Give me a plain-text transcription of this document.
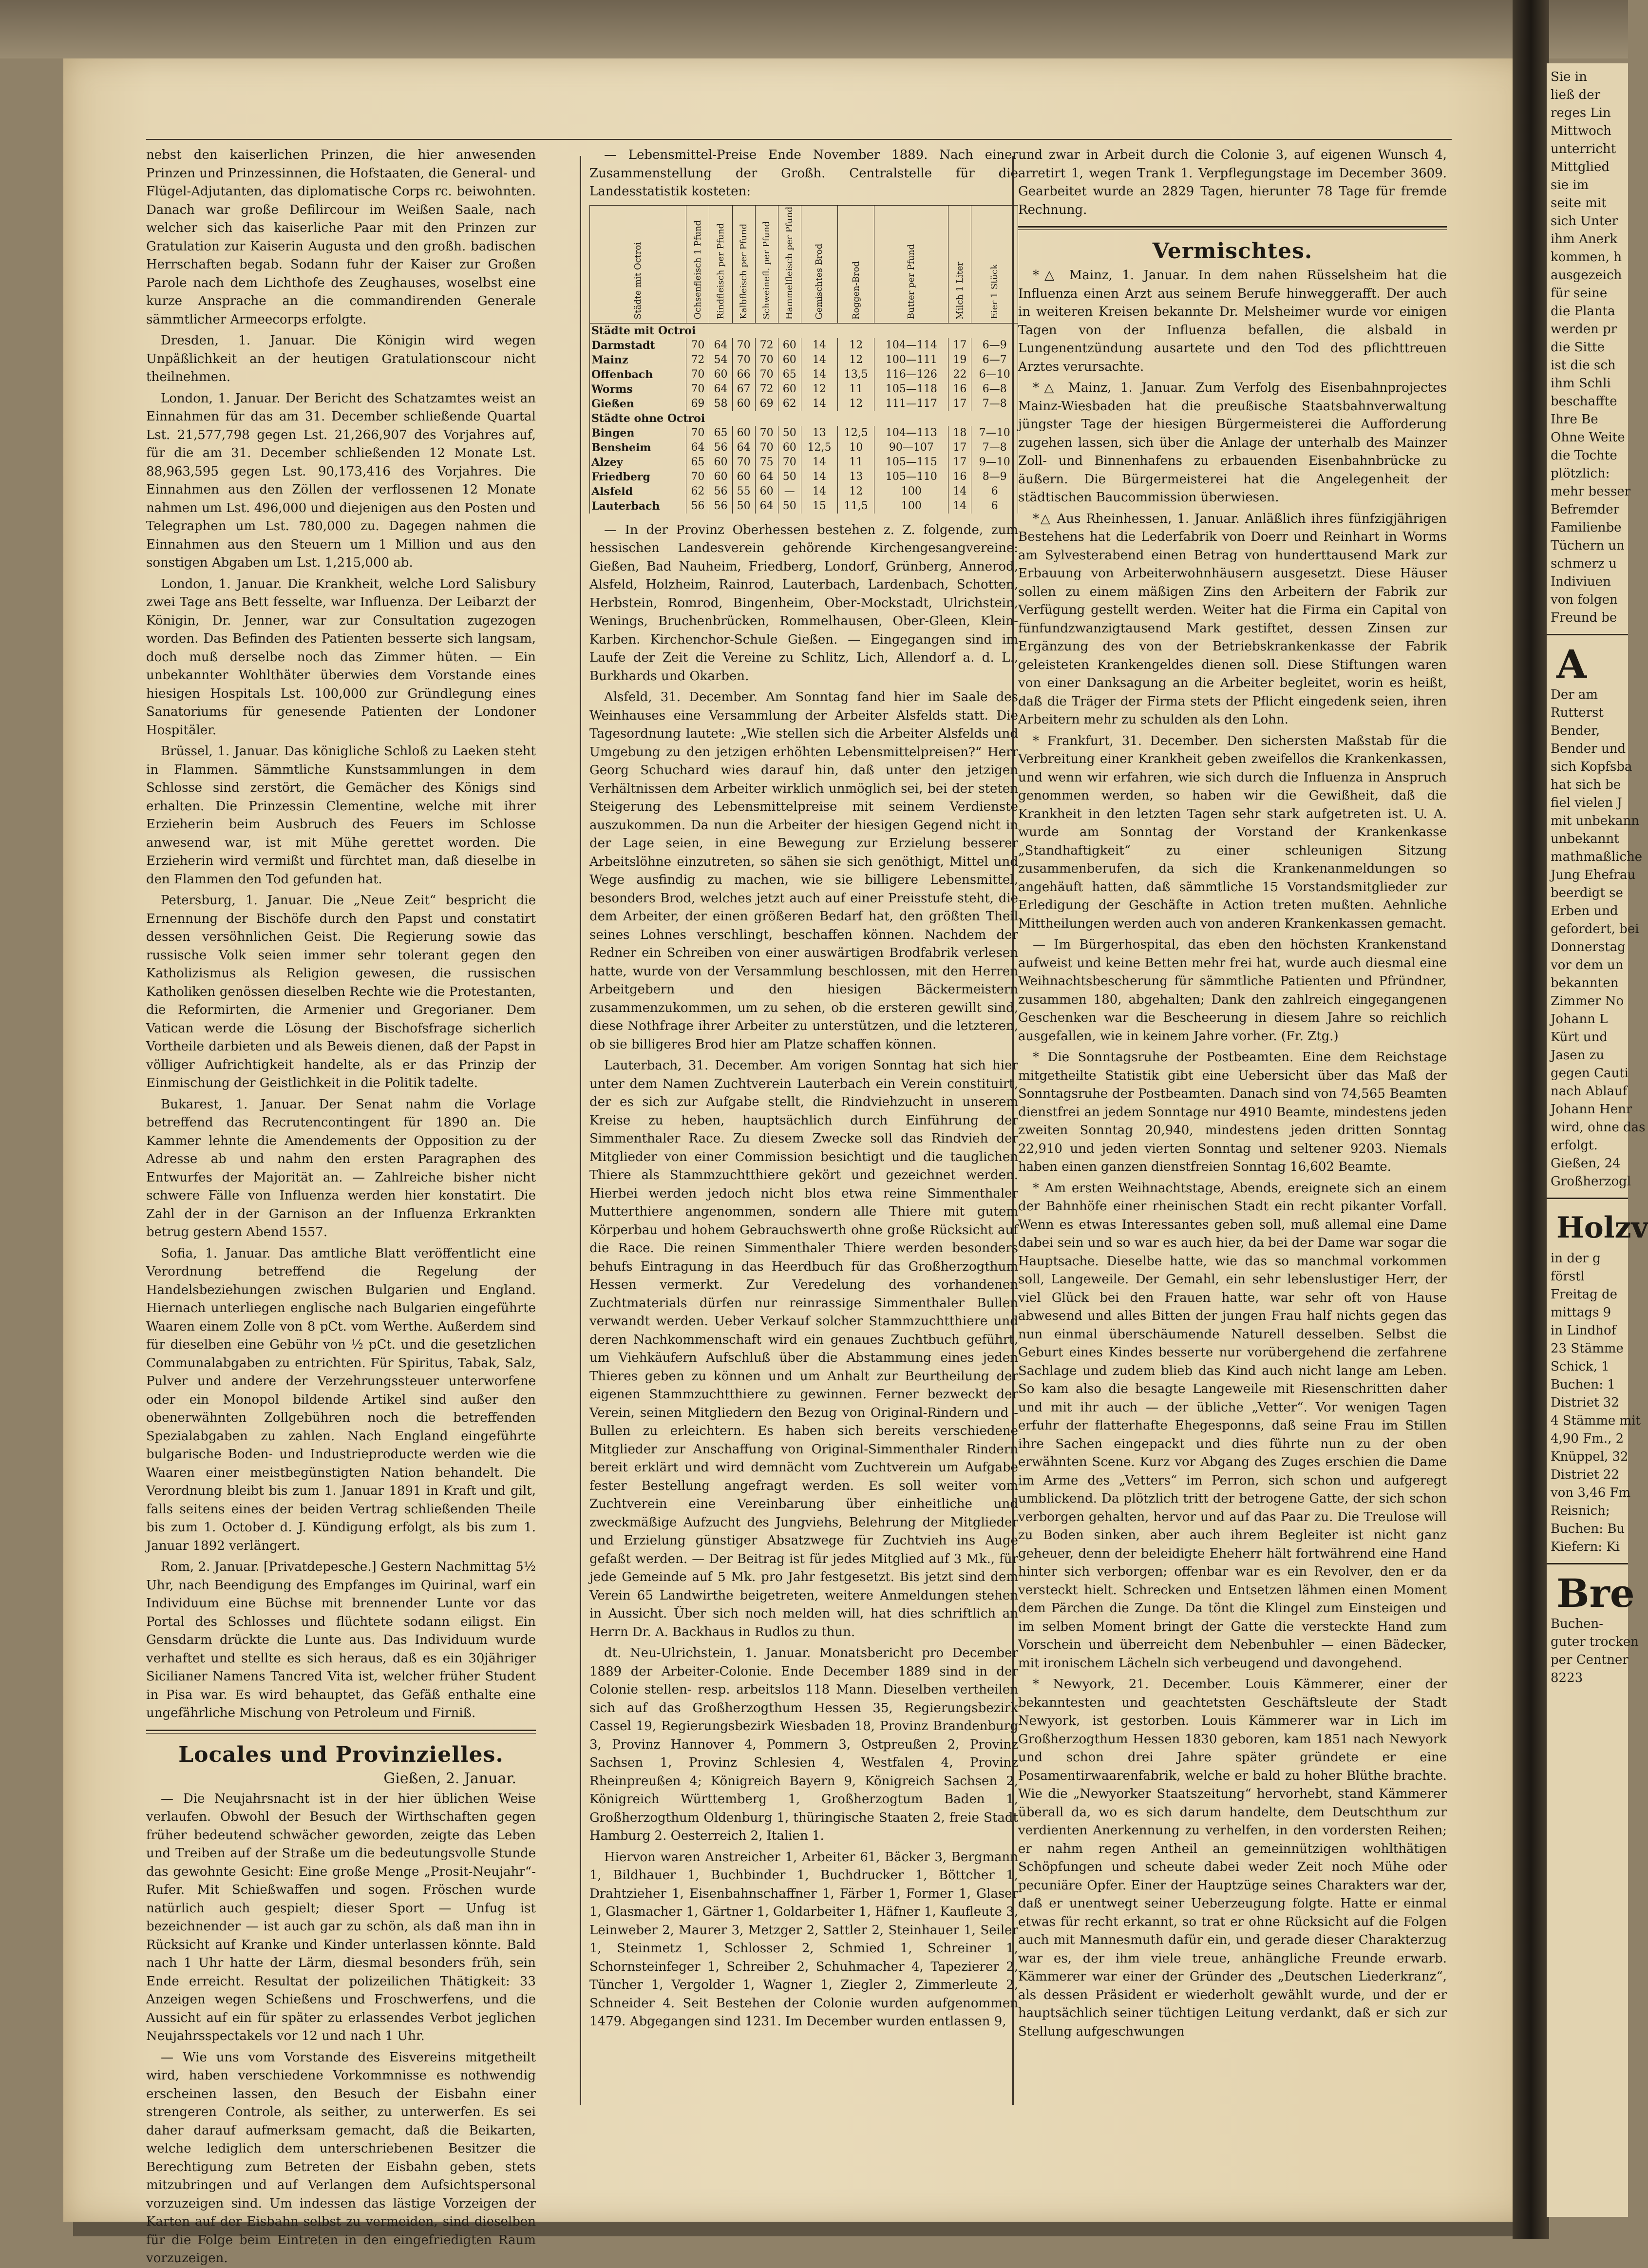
nebst den kaiserlichen Prinzen, die hier anwesenden Prinzen und Prinzessinnen, die Hofstaaten, die General- und Flügel-Adjutanten, das diplomatische Corps rc. beiwohnten. Danach war große Defilircour im Weißen Saale, nach welcher sich das kaiserliche Paar mit den Prinzen zur Gratulation zur Kaiserin Augusta und den großh. badischen Herrschaften begab. Sodann fuhr der Kaiser zur Großen Parole nach dem Lichthofe des Zeughauses, woselbst eine kurze Ansprache an die commandirenden Generale sämmtlicher Armeecorps erfolgte.

Dresden, 1. Januar. Die Königin wird wegen Unpäßlichkeit an der heutigen Gratulationscour nicht theilnehmen.

London, 1. Januar. Der Bericht des Schatzamtes weist an Einnahmen für das am 31. December schließende Quartal Lst. 21,577,798 gegen Lst. 21,266,907 des Vorjahres auf, für die am 31. December schließenden 12 Monate Lst. 88,963,595 gegen Lst. 90,173,416 des Vorjahres. Die Einnahmen aus den Zöllen der verflossenen 12 Monate nahmen um Lst. 496,000 und diejenigen aus den Posten und Telegraphen um Lst. 780,000 zu. Dagegen nahmen die Einnahmen aus den Steuern um 1 Million und aus den sonstigen Abgaben um Lst. 1,215,000 ab.

London, 1. Januar. Die Krankheit, welche Lord Salisbury zwei Tage ans Bett fesselte, war Influenza. Der Leibarzt der Königin, Dr. Jenner, war zur Consultation zugezogen worden. Das Befinden des Patienten besserte sich langsam, doch muß derselbe noch das Zimmer hüten. — Ein unbekannter Wohlthäter überwies dem Vorstande eines hiesigen Hospitals Lst. 100,000 zur Gründlegung eines Sanatoriums für genesende Patienten der Londoner Hospitäler.

Brüssel, 1. Januar. Das königliche Schloß zu Laeken steht in Flammen. Sämmtliche Kunstsammlungen in dem Schlosse sind zerstört, die Gemächer des Königs sind erhalten. Die Prinzessin Clementine, welche mit ihrer Erzieherin beim Ausbruch des Feuers im Schlosse anwesend war, ist mit Mühe gerettet worden. Die Erzieherin wird vermißt und fürchtet man, daß dieselbe in den Flammen den Tod gefunden hat.

Petersburg, 1. Januar. Die „Neue Zeit“ bespricht die Ernennung der Bischöfe durch den Papst und constatirt dessen versöhnlichen Geist. Die Regierung sowie das russische Volk seien immer sehr tolerant gegen den Katholizismus als Religion gewesen, die russischen Katholiken genössen dieselben Rechte wie die Protestanten, die Reformirten, die Armenier und Gregorianer. Dem Vatican werde die Lösung der Bischofsfrage sicherlich Vortheile darbieten und als Beweis dienen, daß der Papst in völliger Aufrichtigkeit handelte, als er das Prinzip der Einmischung der Geistlichkeit in die Politik tadelte.

Bukarest, 1. Januar. Der Senat nahm die Vorlage betreffend das Recrutencontingent für 1890 an. Die Kammer lehnte die Amendements der Opposition zu der Adresse ab und nahm den ersten Paragraphen des Entwurfes der Majorität an. — Zahlreiche bisher nicht schwere Fälle von Influenza werden hier konstatirt. Die Zahl der in der Garnison an der Influenza Erkrankten betrug gestern Abend 1557.

Sofia, 1. Januar. Das amtliche Blatt veröffentlicht eine Verordnung betreffend die Regelung der Handelsbeziehungen zwischen Bulgarien und England. Hiernach unterliegen englische nach Bulgarien eingeführte Waaren einem Zolle von 8 pCt. vom Werthe. Außerdem sind für dieselben eine Gebühr von ½ pCt. und die gesetzlichen Communalabgaben zu entrichten. Für Spiritus, Tabak, Salz, Pulver und andere der Verzehrungssteuer unterworfene oder ein Monopol bildende Artikel sind außer den obenerwähnten Zollgebühren noch die betreffenden Spezialabgaben zu zahlen. Nach England eingeführte bulgarische Boden- und Industrieproducte werden wie die Waaren einer meistbegünstigten Nation behandelt. Die Verordnung bleibt bis zum 1. Januar 1891 in Kraft und gilt, falls seitens eines der beiden Vertrag schließenden Theile bis zum 1. October d. J. Kündigung erfolgt, als bis zum 1. Januar 1892 verlängert.

Rom, 2. Januar. [Privatdepesche.] Gestern Nachmittag 5½ Uhr, nach Beendigung des Empfanges im Quirinal, warf ein Individuum eine Büchse mit brennender Lunte vor das Portal des Schlosses und flüchtete sodann eiligst. Ein Gensdarm drückte die Lunte aus. Das Individuum wurde verhaftet und stellte es sich heraus, daß es ein 30jähriger Sicilianer Namens Tancred Vita ist, welcher früher Student in Pisa war. Es wird behauptet, das Gefäß enthalte eine ungefährliche Mischung von Petroleum und Firniß.

Locales und Provinzielles.
Gießen, 2. Januar.

— Die Neujahrsnacht ist in der hier üblichen Weise verlaufen. Obwohl der Besuch der Wirthschaften gegen früher bedeutend schwächer geworden, zeigte das Leben und Treiben auf der Straße um die bedeutungsvolle Stunde das gewohnte Gesicht: Eine große Menge „Prosit-Neujahr“-Rufer. Mit Schießwaffen und sogen. Fröschen wurde natürlich auch gespielt; dieser Sport — Unfug ist bezeichnender — ist auch gar zu schön, als daß man ihn in Rücksicht auf Kranke und Kinder unterlassen könnte. Bald nach 1 Uhr hatte der Lärm, diesmal besonders früh, sein Ende erreicht. Resultat der polizeilichen Thätigkeit: 33 Anzeigen wegen Schießens und Froschwerfens, und die Aussicht auf ein für später zu erlassendes Verbot jeglichen Neujahrsspectakels vor 12 und nach 1 Uhr.

— Wie uns vom Vorstande des Eisvereins mitgetheilt wird, haben verschiedene Vorkommnisse es nothwendig erscheinen lassen, den Besuch der Eisbahn einer strengeren Controle, als seither, zu unterwerfen. Es sei daher darauf aufmerksam gemacht, daß die Beikarten, welche lediglich dem unterschriebenen Besitzer die Berechtigung zum Betreten der Eisbahn geben, stets mitzubringen und auf Verlangen dem Aufsichtspersonal vorzuzeigen sind. Um indessen das lästige Vorzeigen der Karten auf der Eisbahn selbst zu vermeiden, sind dieselben für die Folge beim Eintreten in den eingefriedigten Raum vorzuzeigen.

— Lebensmittel-Preise Ende November 1889. Nach einer Zusammenstellung der Großh. Centralstelle für die Landesstatistik kosteten:

Städte mit Octroi	Ochsenfleisch 1 Pfund	Rindfleisch per Pfund	Kalbfleisch per Pfund	Schweinefl. per Pfund	Hammelfleisch per Pfund	Gemischtes Brod	Roggen-Brod	Butter per Pfund	Milch 1 Liter	Eier 1 Stück
Städte mit Octroi										
Darmstadt	70	64	70	72	60	14	12	104—114	17	6—9
Mainz	72	54	70	70	60	14	12	100—111	19	6—7
Offenbach	70	60	66	70	65	14	13,5	116—126	22	6—10
Worms	70	64	67	72	60	12	11	105—118	16	6—8
Gießen	69	58	60	69	62	14	12	111—117	17	7—8
Städte ohne Octroi										
Bingen	70	65	60	70	50	13	12,5	104—113	18	7—10
Bensheim	64	56	64	70	60	12,5	10	90—107	17	7—8
Alzey	65	60	70	75	70	14	11	105—115	17	9—10
Friedberg	70	60	60	64	50	14	13	105—110	16	8—9
Alsfeld	62	56	55	60	—	14	12	100	14	6
Lauterbach	56	56	50	64	50	15	11,5	100	14	6

— In der Provinz Oberhessen bestehen z. Z. folgende, zum hessischen Landesverein gehörende Kirchengesangvereine: Gießen, Bad Nauheim, Friedberg, Londorf, Grünberg, Annerod, Alsfeld, Holzheim, Rainrod, Lauterbach, Lardenbach, Schotten, Herbstein, Romrod, Bingenheim, Ober-Mockstadt, Ulrichstein, Wenings, Bruchenbrücken, Rommelhausen, Ober-Gleen, Klein-Karben. Kirchenchor-Schule Gießen. — Eingegangen sind im Laufe der Zeit die Vereine zu Schlitz, Lich, Allendorf a. d. L., Burkhards und Okarben.

Alsfeld, 31. December. Am Sonntag fand hier im Saale des Weinhauses eine Versammlung der Arbeiter Alsfelds statt. Die Tagesordnung lautete: „Wie stellen sich die Arbeiter Alsfelds und Umgebung zu den jetzigen erhöhten Lebensmittelpreisen?“ Herr Georg Schuchard wies darauf hin, daß unter den jetzigen Verhältnissen dem Arbeiter wirklich unmöglich sei, bei der steten Steigerung des Lebensmittelpreise mit seinem Verdienste auszukommen. Da nun die Arbeiter der hiesigen Gegend nicht in der Lage seien, in eine Bewegung zur Erzielung besserer Arbeitslöhne einzutreten, so sähen sie sich genöthigt, Mittel und Wege ausfindig zu machen, wie sie billigere Lebensmittel, besonders Brod, welches jetzt auch auf einer Preisstufe steht, die dem Arbeiter, der einen größeren Bedarf hat, den größten Theil seines Lohnes verschlingt, beschaffen können. Nachdem der Redner ein Schreiben von einer auswärtigen Brodfabrik verlesen hatte, wurde von der Versammlung beschlossen, mit den Herren Arbeitgebern und den hiesigen Bäckermeistern zusammenzukommen, um zu sehen, ob die ersteren gewillt sind, diese Nothfrage ihrer Arbeiter zu unterstützen, und die letzteren, ob sie billigeres Brod hier am Platze schaffen können.

Lauterbach, 31. December. Am vorigen Sonntag hat sich hier unter dem Namen Zuchtverein Lauterbach ein Verein constituirt, der es sich zur Aufgabe stellt, die Rindviehzucht in unserem Kreise zu heben, hauptsächlich durch Einführung der Simmenthaler Race. Zu diesem Zwecke soll das Rindvieh der Mitglieder von einer Commission besichtigt und die tauglichen Thiere als Stammzuchtthiere gekört und gezeichnet werden. Hierbei werden jedoch nicht blos etwa reine Simmenthaler Mutterthiere angenommen, sondern alle Thiere mit gutem Körperbau und hohem Gebrauchswerth ohne große Rücksicht auf die Race. Die reinen Simmenthaler Thiere werden besonders behufs Eintragung in das Heerdbuch für das Großherzogthum Hessen vermerkt. Zur Veredelung des vorhandenen Zuchtmaterials dürfen nur reinrassige Simmenthaler Bullen verwandt werden. Ueber Verkauf solcher Stammzuchtthiere und deren Nachkommenschaft wird ein genaues Zuchtbuch geführt, um Viehkäufern Aufschluß über die Abstammung eines jeden Thieres geben zu können und um Anhalt zur Beurtheilung der eigenen Stammzuchtthiere zu gewinnen. Ferner bezweckt der Verein, seinen Mitgliedern den Bezug von Original-Rindern und -Bullen zu erleichtern. Es haben sich bereits verschiedene Mitglieder zur Anschaffung von Original-Simmenthaler Rindern bereit erklärt und wird demnächt vom Zuchtverein um Aufgabe fester Bestellung angefragt werden. Es soll weiter vom Zuchtverein eine Vereinbarung über einheitliche und zweckmäßige Aufzucht des Jungviehs, Belehrung der Mitglieder und Erzielung günstiger Absatzwege für Zuchtvieh ins Auge gefaßt werden. — Der Beitrag ist für jedes Mitglied auf 3 Mk., für jede Gemeinde auf 5 Mk. pro Jahr festgesetzt. Bis jetzt sind dem Verein 65 Landwirthe beigetreten, weitere Anmeldungen stehen in Aussicht. Über sich noch melden will, hat dies schriftlich an Herrn Dr. A. Backhaus in Rudlos zu thun.

dt. Neu-Ulrichstein, 1. Januar. Monatsbericht pro December 1889 der Arbeiter-Colonie. Ende December 1889 sind in der Colonie stellen- resp. arbeitslos 118 Mann. Dieselben vertheilen sich auf das Großherzogthum Hessen 35, Regierungsbezirk Cassel 19, Regierungsbezirk Wiesbaden 18, Provinz Brandenburg 3, Provinz Hannover 4, Pommern 3, Ostpreußen 2, Provinz Sachsen 1, Provinz Schlesien 4, Westfalen 4, Provinz Rheinpreußen 4; Königreich Bayern 9, Königreich Sachsen 2, Königreich Württemberg 1, Großherzogtum Baden 1, Großherzogthum Oldenburg 1, thüringische Staaten 2, freie Stadt Hamburg 2. Oesterreich 2, Italien 1.

Hiervon waren Anstreicher 1, Arbeiter 61, Bäcker 3, Bergmann 1, Bildhauer 1, Buchbinder 1, Buchdrucker 1, Böttcher 1, Drahtzieher 1, Eisenbahnschaffner 1, Färber 1, Former 1, Glaser 1, Glasmacher 1, Gärtner 1, Goldarbeiter 1, Häfner 1, Kaufleute 3, Leinweber 2, Maurer 3, Metzger 2, Sattler 2, Steinhauer 1, Seiler 1, Steinmetz 1, Schlosser 2, Schmied 1, Schreiner 1, Schornsteinfeger 1, Schreiber 2, Schuhmacher 4, Tapezierer 2, Tüncher 1, Vergolder 1, Wagner 1, Ziegler 2, Zimmerleute 2, Schneider 4. Seit Bestehen der Colonie wurden aufgenommen 1479. Abgegangen sind 1231. Im December wurden entlassen 9,

und zwar in Arbeit durch die Colonie 3, auf eigenen Wunsch 4, arretirt 1, wegen Trank 1. Verpflegungstage im December 3609. Gearbeitet wurde an 2829 Tagen, hierunter 78 Tage für fremde Rechnung.

Vermischtes.

*△ Mainz, 1. Januar. In dem nahen Rüsselsheim hat die Influenza einen Arzt aus seinem Berufe hinweggerafft. Der auch in weiteren Kreisen bekannte Dr. Melsheimer wurde vor einigen Tagen von der Influenza befallen, die alsbald in Lungenentzündung ausartete und den Tod des pflichttreuen Arztes verursachte.

*△ Mainz, 1. Januar. Zum Verfolg des Eisenbahnprojectes Mainz-Wiesbaden hat die preußische Staatsbahnverwaltung jüngster Tage der hiesigen Bürgermeisterei die Aufforderung zugehen lassen, sich über die Anlage der unterhalb des Mainzer Zoll- und Binnenhafens zu erbauenden Eisenbahnbrücke zu äußern. Die Bürgermeisterei hat die Angelegenheit der städtischen Baucommission überwiesen.

*△ Aus Rheinhessen, 1. Januar. Anläßlich ihres fünfzigjährigen Bestehens hat die Lederfabrik von Doerr und Reinhart in Worms am Sylvesterabend einen Betrag von hunderttausend Mark zur Erbauung von Arbeiterwohnhäusern ausgesetzt. Diese Häuser sollen zu einem mäßigen Zins den Arbeitern der Fabrik zur Verfügung gestellt werden. Weiter hat die Firma ein Capital von fünfundzwanzigtausend Mark gestiftet, dessen Zinsen zur Ergänzung des von der Betriebskrankenkasse der Fabrik geleisteten Krankengeldes dienen soll. Diese Stiftungen waren von einer Danksagung an die Arbeiter begleitet, worin es heißt, daß die Träger der Firma stets der Pflicht eingedenk seien, ihren Arbeitern mehr zu schulden als den Lohn.

* Frankfurt, 31. December. Den sichersten Maßstab für die Verbreitung einer Krankheit geben zweifellos die Krankenkassen, und wenn wir erfahren, wie sich durch die Influenza in Anspruch genommen werden, so haben wir die Gewißheit, daß die Krankheit in den letzten Tagen sehr stark aufgetreten ist. U. A. wurde am Sonntag der Vorstand der Krankenkasse „Standhaftigkeit“ zu einer schleunigen Sitzung zusammenberufen, da sich die Krankenanmeldungen so angehäuft hatten, daß sämmtliche 15 Vorstandsmitglieder zur Erledigung der Geschäfte in Action treten mußten. Aehnliche Mittheilungen werden auch von anderen Krankenkassen gemacht.

— Im Bürgerhospital, das eben den höchsten Krankenstand aufweist und keine Betten mehr frei hat, wurde auch diesmal eine Weihnachtsbescherung für sämmtliche Patienten und Pfründner, zusammen 180, abgehalten; Dank den zahlreich eingegangenen Geschenken war die Bescheerung in diesem Jahre so reichlich ausgefallen, wie in keinem Jahre vorher. (Fr. Ztg.)

* Die Sonntagsruhe der Postbeamten. Eine dem Reichstage mitgetheilte Statistik gibt eine Uebersicht über das Maß der Sonntagsruhe der Postbeamten. Danach sind von 74,565 Beamten dienstfrei an jedem Sonntage nur 4910 Beamte, mindestens jeden zweiten Sonntag 20,940, mindestens jeden dritten Sonntag 22,910 und jeden vierten Sonntag und seltener 9203. Niemals haben einen ganzen dienstfreien Sonntag 16,602 Beamte.

* Am ersten Weihnachtstage, Abends, ereignete sich an einem der Bahnhöfe einer rheinischen Stadt ein recht pikanter Vorfall. Wenn es etwas Interessantes geben soll, muß allemal eine Dame dabei sein und so war es auch hier, da bei der Dame war sogar die Hauptsache. Dieselbe hatte, wie das so manchmal vorkommen soll, Langeweile. Der Gemahl, ein sehr lebenslustiger Herr, der viel Glück bei den Frauen hatte, war sehr oft von Hause abwesend und alles Bitten der jungen Frau half nichts gegen das nun einmal überschäumende Naturell desselben. Selbst die Geburt eines Kindes besserte nur vorübergehend die zerfahrene Sachlage und zudem blieb das Kind auch nicht lange am Leben. So kam also die besagte Langeweile mit Riesenschritten daher und mit ihr auch — der übliche „Vetter“. Vor wenigen Tagen erfuhr der flatterhafte Ehegesponns, daß seine Frau im Stillen ihre Sachen eingepackt und dies führte nun zu der oben erwähnten Scene. Kurz vor Abgang des Zuges erschien die Dame im Arme des „Vetters“ im Perron, sich schon und aufgeregt umblickend. Da plötzlich tritt der betrogene Gatte, der sich schon verborgen gehalten, hervor und auf das Paar zu. Die Treulose will zu Boden sinken, aber auch ihrem Begleiter ist nicht ganz geheuer, denn der beleidigte Eheherr hält fortwährend eine Hand hinter sich verborgen; offenbar war es ein Revolver, den er da versteckt hielt. Schrecken und Entsetzen lähmen einen Moment dem Pärchen die Zunge. Da tönt die Klingel zum Einsteigen und im selben Moment bringt der Gatte die versteckte Hand zum Vorschein und überreicht dem Nebenbuhler — einen Bädecker, mit ironischem Lächeln sich verbeugend und davongehend.

* Newyork, 21. December. Louis Kämmerer, einer der bekanntesten und geachtetsten Geschäftsleute der Stadt Newyork, ist gestorben. Louis Kämmerer war in Lich im Großherzogthum Hessen 1830 geboren, kam 1851 nach Newyork und schon drei Jahre später gründete er eine Posamentirwaarenfabrik, welche er bald zu hoher Blüthe brachte. Wie die „Newyorker Staatszeitung“ hervorhebt, stand Kämmerer überall da, wo es sich darum handelte, dem Deutschthum zur verdienten Anerkennung zu verhelfen, in den vordersten Reihen; er nahm regen Antheil an gemeinnützigen wohlthätigen Schöpfungen und scheute dabei weder Zeit noch Mühe oder pecuniäre Opfer. Einer der Hauptzüge seines Charakters war der, daß er unentwegt seiner Ueberzeugung folgte. Hatte er einmal etwas für recht erkannt, so trat er ohne Rücksicht auf die Folgen auch mit Mannesmuth dafür ein, und gerade dieser Charakterzug war es, der ihm viele treue, anhängliche Freunde erwarb. Kämmerer war einer der Gründer des „Deutschen Liederkranz“, als dessen Präsident er wiederholt gewählt wurde, und der er hauptsächlich seiner tüchtigen Leitung verdankt, daß er sich zur Stellung aufgeschwungen

Sie in
ließ der
reges Lin
Mittwoch
unterricht
Mittglied
sie im
seite mit
sich Unter
ihm Anerk
kommen, h
ausgezeich
für seine
die Planta
werden pr
die Sitte
ist die sch
ihm Schli
beschaffte
Ihre Be
Ohne Weite
die Tochte
plötzlich:
mehr besser
Befremder
Familienbe
Tüchern un
schmerz u
Indiviuen
von folgen
Freund be
A
Der am
Rutterst
Bender,
Bender und
sich Kopfsba
hat sich be
fiel vielen J
mit unbekann
unbekannt
mathmaßliche
Jung Ehefrau
beerdigt se
Erben und
gefordert, bei
Donnerstag
vor dem un
bekannten
Zimmer No
Johann L
Kürt und
Jasen zu
gegen Cauti
nach Ablauf
Johann Henr
wird, ohne das
erfolgt.
Gießen, 24
Großherzogl
Holzv
in der g
förstl
Freitag de
mittags 9
in Lindhof
23 Stämme
Schick, 1
Buchen: 1
Distriet 32
4 Stämme mit
4,90 Fm., 2
Knüppel, 32
Distriet 22
von 3,46 Fm
Reisnich;
Buchen: Bu
Kiefern: Ki
Bre
Buchen-
guter trocken
per Centner
8223
